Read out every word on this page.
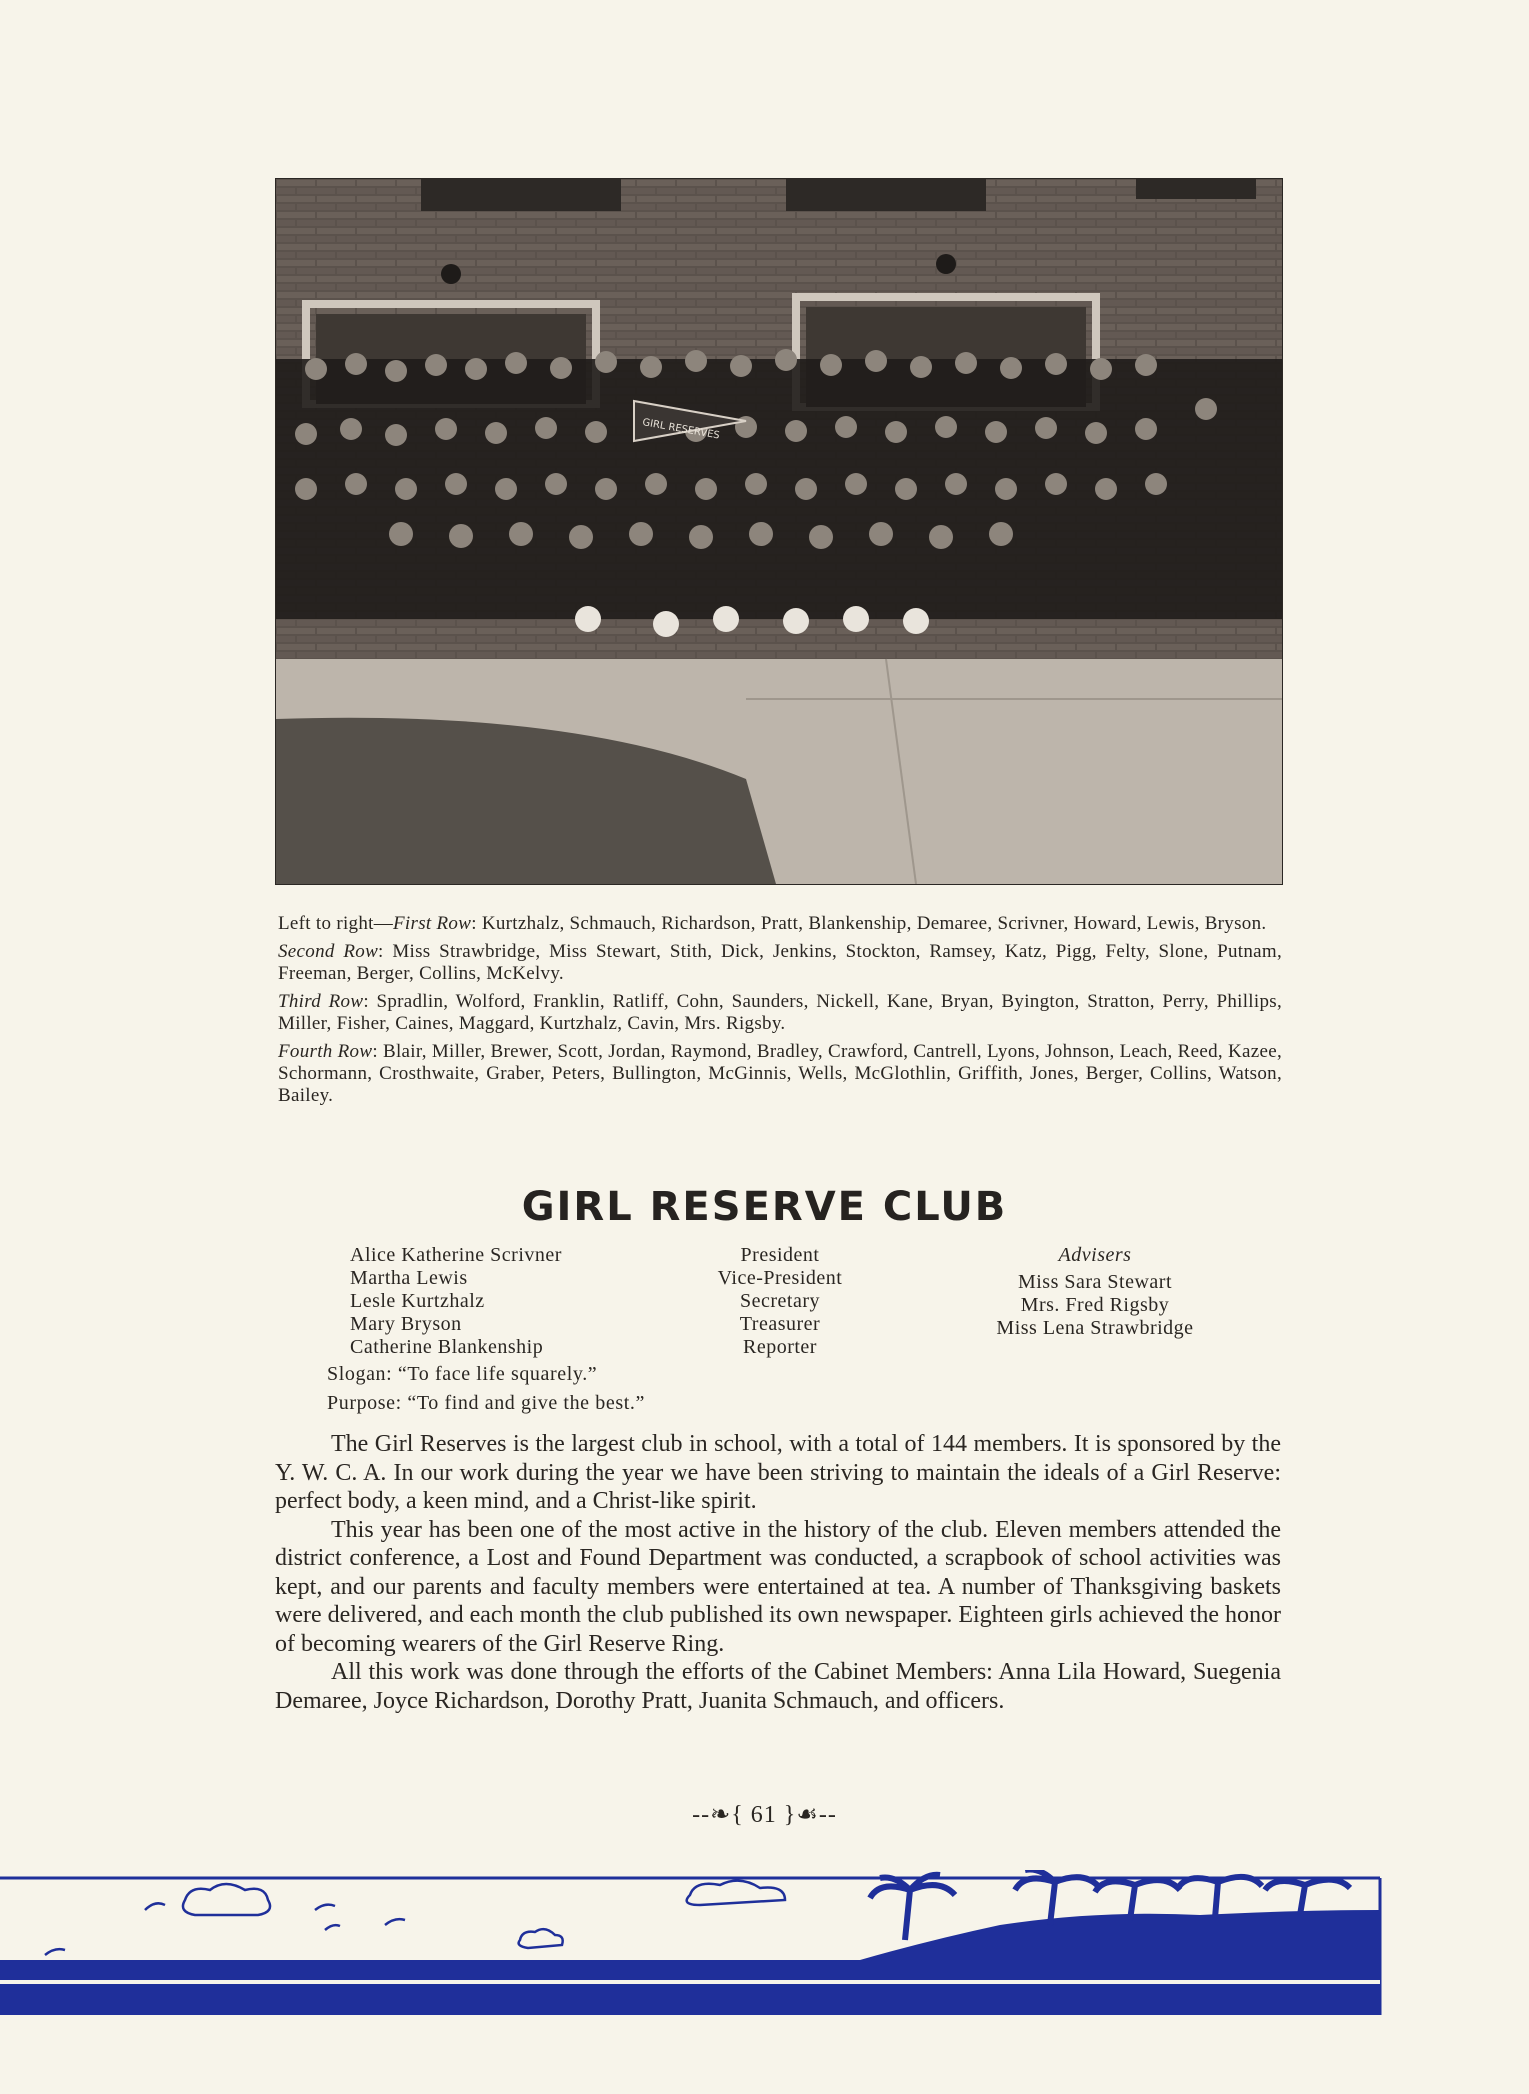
GIRL RESERVES

Left to right—First Row: Kurtzhalz, Schmauch, Richardson, Pratt, Blankenship, Demaree, Scrivner, Howard, Lewis, Bryson.

Second Row: Miss Strawbridge, Miss Stewart, Stith, Dick, Jenkins, Stockton, Ramsey, Katz, Pigg, Felty, Slone, Putnam, Freeman, Berger, Collins, McKelvy.

Third Row: Spradlin, Wolford, Franklin, Ratliff, Cohn, Saunders, Nickell, Kane, Bryan, Byington, Stratton, Perry, Phillips, Miller, Fisher, Caines, Maggard, Kurtzhalz, Cavin, Mrs. Rigsby.

Fourth Row: Blair, Miller, Brewer, Scott, Jordan, Raymond, Bradley, Crawford, Cantrell, Lyons, Johnson, Leach, Reed, Kazee, Schormann, Crosthwaite, Graber, Peters, Bullington, McGinnis, Wells, McGlothlin, Griffith, Jones, Berger, Collins, Watson, Bailey.

GIRL RESERVE CLUB
Alice Katherine Scrivner
Martha Lewis
Lesle Kurtzhalz
Mary Bryson
Catherine Blankenship
President
Vice-President
Secretary
Treasurer
Reporter
Advisers
Miss Sara Stewart
Mrs. Fred Rigsby
Miss Lena Strawbridge
Slogan: “To face life squarely.”
Purpose: “To find and give the best.”

The Girl Reserves is the largest club in school, with a total of 144 members. It is sponsored by the Y. W. C. A. In our work during the year we have been striving to maintain the ideals of a Girl Reserve: perfect body, a keen mind, and a Christ-like spirit.

This year has been one of the most active in the history of the club. Eleven members attended the district conference, a Lost and Found Department was conducted, a scrapbook of school activities was kept, and our parents and faculty members were entertained at tea. A number of Thanksgiving baskets were delivered, and each month the club published its own newspaper. Eighteen girls achieved the honor of becoming wearers of the Girl Reserve Ring.

All this work was done through the efforts of the Cabinet Members: Anna Lila Howard, Suegenia Demaree, Joyce Richardson, Dorothy Pratt, Juanita Schmauch, and officers.

--❧{ 61 }☙--
